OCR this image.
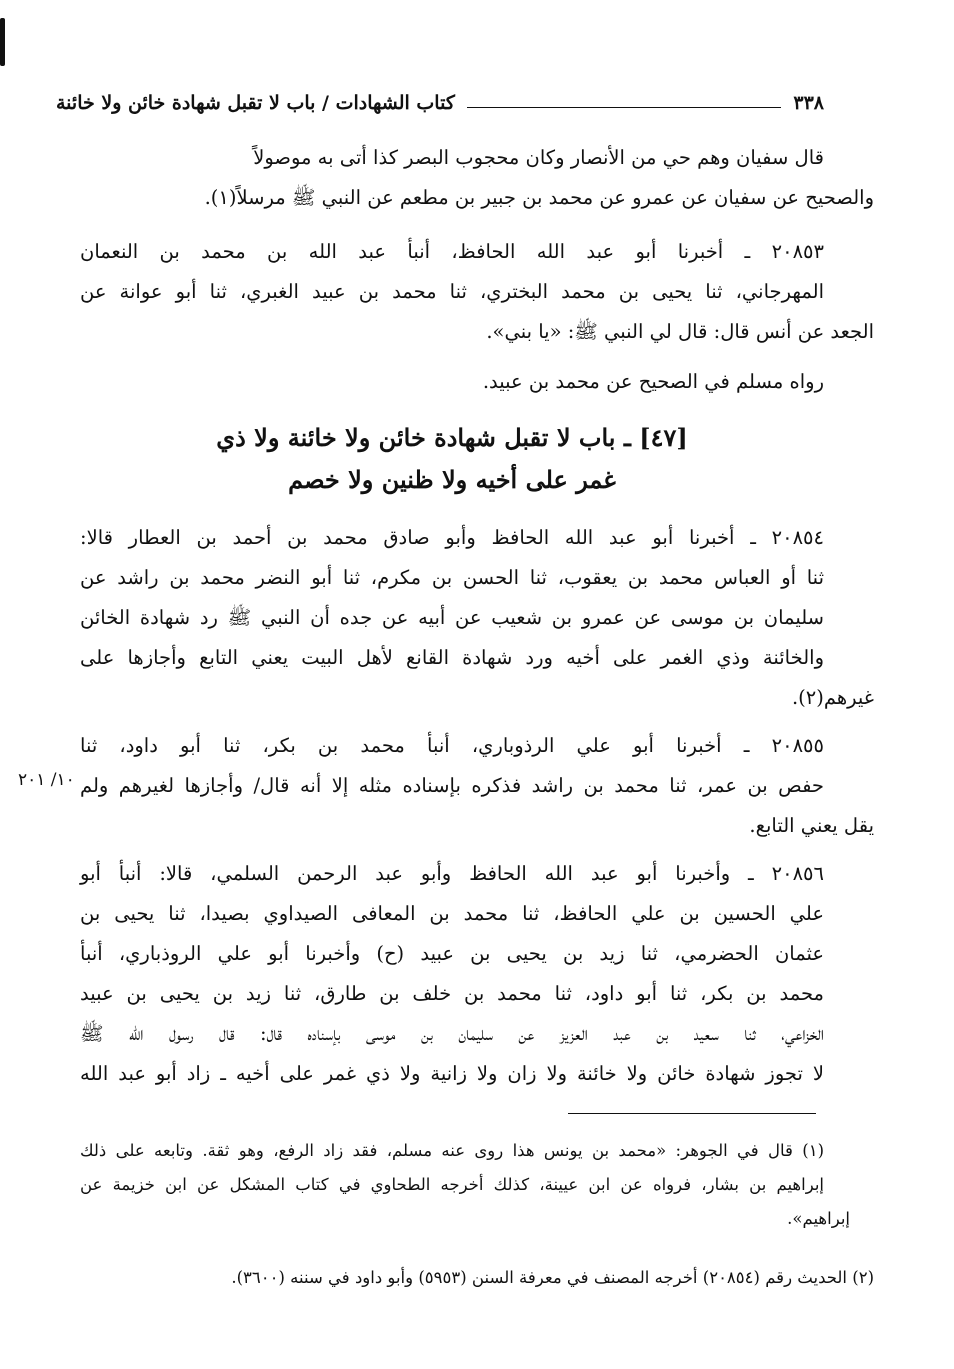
٣٣٨
كتاب الشهادات / باب لا تقبل شهادة خائن ولا خائنة
قال سفيان وهم حي من الأنصار وكان محجوب البصر كذا أتى به موصولاً
والصحيح عن سفيان عن عمرو عن محمد بن جبير بن مطعم عن النبي ﷺ مرسلاً(١).
٢٠٨٥٣ ـ أخبرنا أبو عبد الله الحافظ، أنبأ عبد الله بن محمد بن النعمان
المهرجاني، ثنا يحيى بن محمد البختري، ثنا محمد بن عبيد الغبري، ثنا أبو عوانة عن
الجعد عن أنس قال: قال لي النبي ﷺ: «يا بني».
رواه مسلم في الصحيح عن محمد بن عبيد.
[٤٧] ـ باب لا تقبل شهادة خائن ولا خائنة ولا ذي
غمر على أخيه ولا ظنين ولا خصم
٢٠٨٥٤ ـ أخبرنا أبو عبد الله الحافظ وأبو صادق محمد بن أحمد بن العطار قالا:
ثنا أو العباس محمد بن يعقوب، ثنا الحسن بن مكرم، ثنا أبو النضر محمد بن راشد عن
سليمان بن موسى عن عمرو بن شعيب عن أبيه عن جده أن النبي ﷺ رد شهادة الخائن
والخائنة وذي الغمر على أخيه ورد شهادة القانع لأهل البيت يعني التابع وأجازها على
غيرهم(٢).
٢٠٨٥٥ ـ أخبرنا أبو علي الرذوباري، أنبأ محمد بن بكر، ثنا أبو داود، ثنا
حفص بن عمر، ثنا محمد بن راشد فذكره بإسناده مثله إلا أنه قال/ وأجازها لغيرهم ولم
يقل يعني التابع.
١٠/ ٢٠١
٢٠٨٥٦ ـ وأخبرنا أبو عبد الله الحافظ وأبو عبد الرحمن السلمي، قالا: أنبأ أبو
علي الحسين بن علي الحافظ، ثنا محمد بن المعافى الصيداوي بصيدا، ثنا يحيى بن
عثمان الحضرمي، ثنا زيد بن يحيى بن عبيد (ح) وأخبرنا أبو علي الروذباري، أنبأ
محمد بن بكر، ثنا أبو داود، ثنا محمد بن خلف بن طارق، ثنا زيد بن يحيى بن عبيد
الخزاعي، ثنا سعيد بن عبد العزيز عن سليمان بن موسى بإسناده قال: قال رسول الله ﷺ
لا تجوز شهادة خائن ولا خائنة ولا زان ولا زانية ولا ذي غمر على أخيه ـ زاد أبو عبد الله
(١) قال في الجوهر: «محمد بن يونس هذا روى عنه مسلم، فقد زاد الرفع، وهو ثقة. وتابعه على ذلك
إبراهيم بن بشار، فرواه عن ابن عيينة، كذلك أخرجه الطحاوي في كتاب المشكل عن ابن خزيمة عن
إبراهيم».
(٢) الحديث رقم (٢٠٨٥٤) أخرجه المصنف في معرفة السنن (٥٩٥٣) وأبو داود في سننه (٣٦٠٠).
